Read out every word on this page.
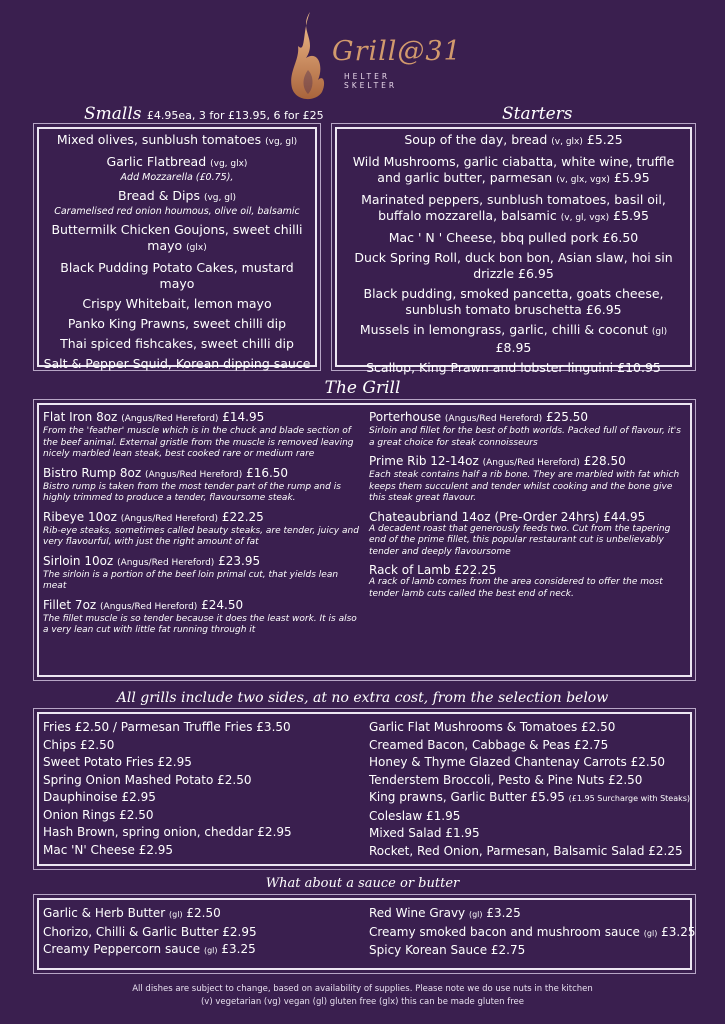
Grill@31
HELTER SKELTER
Smalls £4.95ea, 3 for £13.95, 6 for £25	Starters
Mixed olives, sunblush tomatoes (vg, gl)
Garlic Flatbread (vg, glx)
Add Mozzarella (£0.75),
Bread & Dips (vg, gl)
Caramelised red onion houmous, olive oil, balsamic
Buttermilk Chicken Goujons, sweet chilli mayo (glx)
Black Pudding Potato Cakes, mustard mayo
Crispy Whitebait, lemon mayo
Panko King Prawns, sweet chilli dip
Thai spiced fishcakes, sweet chilli dip
Salt & Pepper Squid, Korean dipping sauce
Soup of the day, bread (v, glx) £5.25
Wild Mushrooms, garlic ciabatta, white wine, truffle and garlic butter, parmesan (v, glx, vgx) £5.95
Marinated peppers, sunblush tomatoes, basil oil, buffalo mozzarella, balsamic (v, gl, vgx) £5.95
Mac ' N ' Cheese, bbq pulled pork £6.50
Duck Spring Roll, duck bon bon, Asian slaw, hoi sin drizzle £6.95
Black pudding, smoked pancetta, goats cheese, sunblush tomato bruschetta £6.95
Mussels in lemongrass, garlic, chilli & coconut (gl) £8.95
Scallop, King Prawn and lobster linguini £10.95
The Grill
Flat Iron 8oz (Angus/Red Hereford) £14.95
From the 'feather' muscle which is in the chuck and blade section of the beef animal. External gristle from the muscle is removed leaving nicely marbled lean steak, best cooked rare or medium rare
Bistro Rump 8oz (Angus/Red Hereford) £16.50
Bistro rump is taken from the most tender part of the rump and is highly trimmed to produce a tender, flavoursome steak.
Ribeye 10oz (Angus/Red Hereford) £22.25
Rib-eye steaks, sometimes called beauty steaks, are tender, juicy and very flavourful, with just the right amount of fat
Sirloin 10oz (Angus/Red Hereford) £23.95
The sirloin is a portion of the beef loin primal cut, that yields lean meat
Fillet 7oz (Angus/Red Hereford) £24.50
The fillet muscle is so tender because it does the least work. It is also a very lean cut with little fat running through it
Porterhouse (Angus/Red Hereford) £25.50
Sirloin and fillet for the best of both worlds. Packed full of flavour, it's a great choice for steak connoisseurs
Prime Rib 12-14oz (Angus/Red Hereford) £28.50
Each steak contains half a rib bone. They are marbled with fat which keeps them succulent and tender whilst cooking and the bone give this steak great flavour.
Chateaubriand 14oz (Pre-Order 24hrs) £44.95
A decadent roast that generously feeds two. Cut from the tapering end of the prime fillet, this popular restaurant cut is unbelievably tender and deeply flavoursome
Rack of Lamb £22.25
A rack of lamb comes from the area considered to offer the most tender lamb cuts called the best end of neck.
All grills include two sides, at no extra cost, from the selection below
Fries £2.50 / Parmesan Truffle Fries £3.50
Chips £2.50
Sweet Potato Fries £2.95
Spring Onion Mashed Potato £2.50
Dauphinoise £2.95
Onion Rings £2.50
Hash Brown, spring onion, cheddar £2.95
Mac 'N' Cheese £2.95
Garlic Flat Mushrooms & Tomatoes £2.50
Creamed Bacon, Cabbage & Peas £2.75
Honey & Thyme Glazed Chantenay Carrots £2.50
Tenderstem Broccoli, Pesto & Pine Nuts £2.50
King prawns, Garlic Butter £5.95 (£1.95 Surcharge with Steaks)
Coleslaw £1.95
Mixed Salad £1.95
Rocket, Red Onion, Parmesan, Balsamic Salad £2.25
What about a sauce or butter
Garlic & Herb Butter (gl) £2.50
Chorizo, Chilli & Garlic Butter £2.95
Creamy Peppercorn sauce (gl) £3.25
Red Wine Gravy (gl) £3.25
Creamy smoked bacon and mushroom sauce (gl) £3.25
Spicy Korean Sauce £2.75
All dishes are subject to change, based on availability of supplies. Please note we do use nuts in the kitchen
(v) vegetarian (vg) vegan (gl) gluten free (glx) this can be made gluten free
